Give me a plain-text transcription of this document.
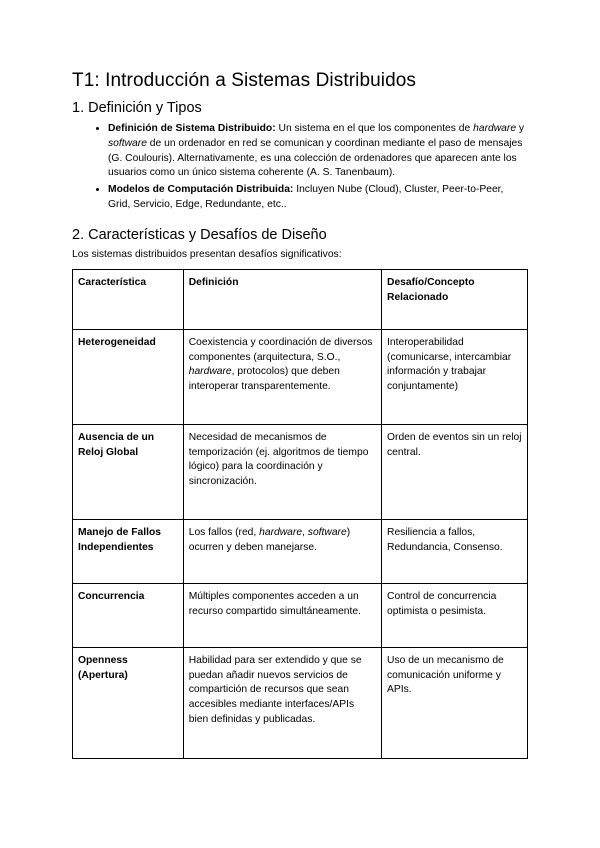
T1: Introducción a Sistemas Distribuidos
1. Definición y Tipos
• Definición de Sistema Distribuido: Un sistema en el que los componentes de hardware y software de un ordenador en red se comunican y coordinan mediante el paso de mensajes (G. Coulouris). Alternativamente, es una colección de ordenadores que aparecen ante los usuarios como un único sistema coherente (A. S. Tanenbaum).
• Modelos de Computación Distribuida: Incluyen Nube (Cloud), Cluster, Peer-to-Peer, Grid, Servicio, Edge, Redundante, etc..
2. Características y Desafíos de Diseño

Los sistemas distribuidos presentan desafíos significativos:

Característica	Definición	Desafío/Concepto Relacionado
Heterogeneidad	Coexistencia y coordinación de diversos componentes (arquitectura, S.O., hardware, protocolos) que deben interoperar transparentemente.	Interoperabilidad (comunicarse, intercambiar información y trabajar conjuntamente)
Ausencia de un Reloj Global	Necesidad de mecanismos de temporización (ej. algoritmos de tiempo lógico) para la coordinación y sincronización.	Orden de eventos sin un reloj central.
Manejo de Fallos Independientes	Los fallos (red, hardware, software) ocurren y deben manejarse.	Resiliencia a fallos, Redundancia, Consenso.
Concurrencia	Múltiples componentes acceden a un recurso compartido simultáneamente.	Control de concurrencia optimista o pesimista.
Openness (Apertura)	Habilidad para ser extendido y que se puedan añadir nuevos servicios de compartición de recursos que sean accesibles mediante interfaces/APIs bien definidas y publicadas.	Uso de un mecanismo de comunicación uniforme y APIs.
